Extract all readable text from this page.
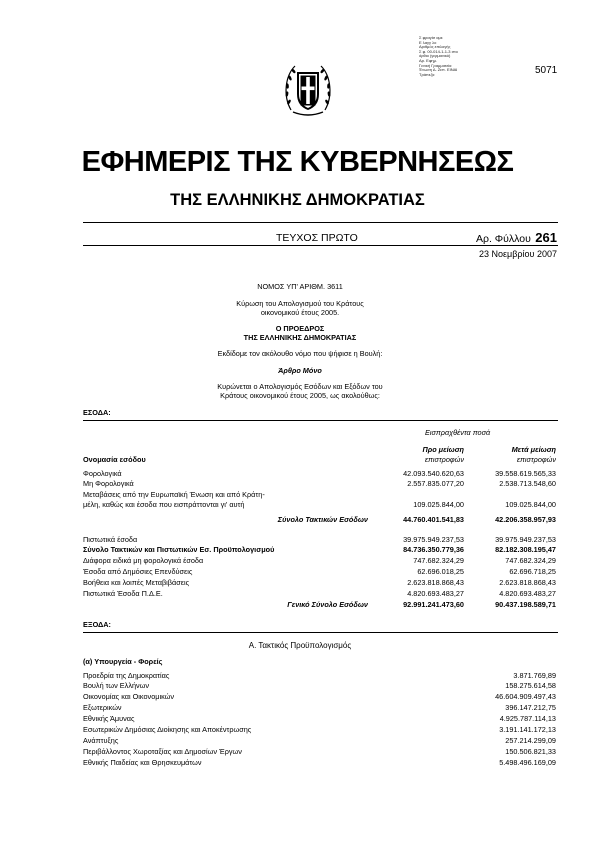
Σ φραγίσ αμε
Ε λαγγ λο
Αριθμός επιλογής
Σ φ. 00-014-1-1-3 στο
όρθιο (γερμανικό)
Αρ. Εφημ.
Γενική Γραμματεία
Ένωση Δ. Ζεπ. ΕΙΝΑΙ
Τράπεζα	5071
ΕΦΗΜΕΡΙΣ ΤΗΣ ΚΥΒΕΡΝΗΣΕΩΣ
ΤΗΣ ΕΛΛΗΝΙΚΗΣ ΔΗΜΟΚΡΑΤΙΑΣ
ΤΕΥΧΟΣ ΠΡΩΤΟ	Αρ. Φύλλου 261
23 Νοεμβρίου 2007
ΝΟΜΟΣ ΥΠ' ΑΡΙΘΜ. 3611
Κύρωση του Απολογισμού του Κράτους
οικονομικού έτους 2005.
Ο ΠΡΟΕΔΡΟΣ
ΤΗΣ ΕΛΛΗΝΙΚΗΣ ΔΗΜΟΚΡΑΤΙΑΣ
Εκδίδομε τον ακόλουθο νόμο που ψήφισε η Βουλή:
Άρθρο Μόνο
Κυρώνεται ο Απολογισμός Εσόδων και Εξόδων του
Κράτους οικονομικού έτους 2005, ως ακολούθως:
ΕΣΟΔΑ:
Εισπραχθέντα ποσά
Προ μείωση
επιστροφών
Μετά μείωση
επιστροφών
Ονομασία εσόδου
Φορολογικά	42.093.540.620,63	39.558.619.565,33
Μη Φορολογικά	2.557.835.077,20	2.538.713.548,60
Μεταβάσεις από την Ευρωπαϊκή Ένωση και από Κράτη-
μέλη, καθώς και έσοδα που εισπράττονται γι' αυτή	109.025.844,00	109.025.844,00
Σύνολο Τακτικών Εσόδων	44.760.401.541,83	42.206.358.957,93
Πιστωτικά έσοδα	39.975.949.237,53	39.975.949.237,53
Σύνολο Τακτικών και Πιστωτικών Εσ. Προϋπολογισμού	84.736.350.779,36	82.182.308.195,47
Διάφορα ειδικά μη φορολογικά έσοδα	747.682.324,29	747.682.324,29
Έσοδα από Δημόσιες Επενδύσεις	62.696.018,25	62.696.718,25
Βοήθεια και λοιπές Μεταβιβάσεις	2.623.818.868,43	2.623.818.868,43
Πιστωτικά Έσοδα Π.Δ.Ε.	4.820.693.483,27	4.820.693.483,27
Γενικό Σύνολο Εσόδων	92.991.241.473,60	90.437.198.589,71
ΕΞΟΔΑ:
Α. Τακτικός Προϋπολογισμός
(α) Υπουργεία - Φορείς
Προεδρία της Δημοκρατίας	3.871.769,89
Βουλή των Ελλήνων	158.275.614,58
Οικονομίας και Οικονομικών	46.604.909.497,43
Εξωτερικών	396.147.212,75
Εθνικής Άμυνας	4.925.787.114,13
Εσωτερικών Δημόσιας Διοίκησης και Αποκέντρωσης	3.191.141.172,13
Ανάπτυξης	257.214.299,09
Περιβάλλοντος Χωροταξίας και Δημοσίων Έργων	150.506.821,33
Εθνικής Παιδείας και Θρησκευμάτων	5.498.496.169,09
